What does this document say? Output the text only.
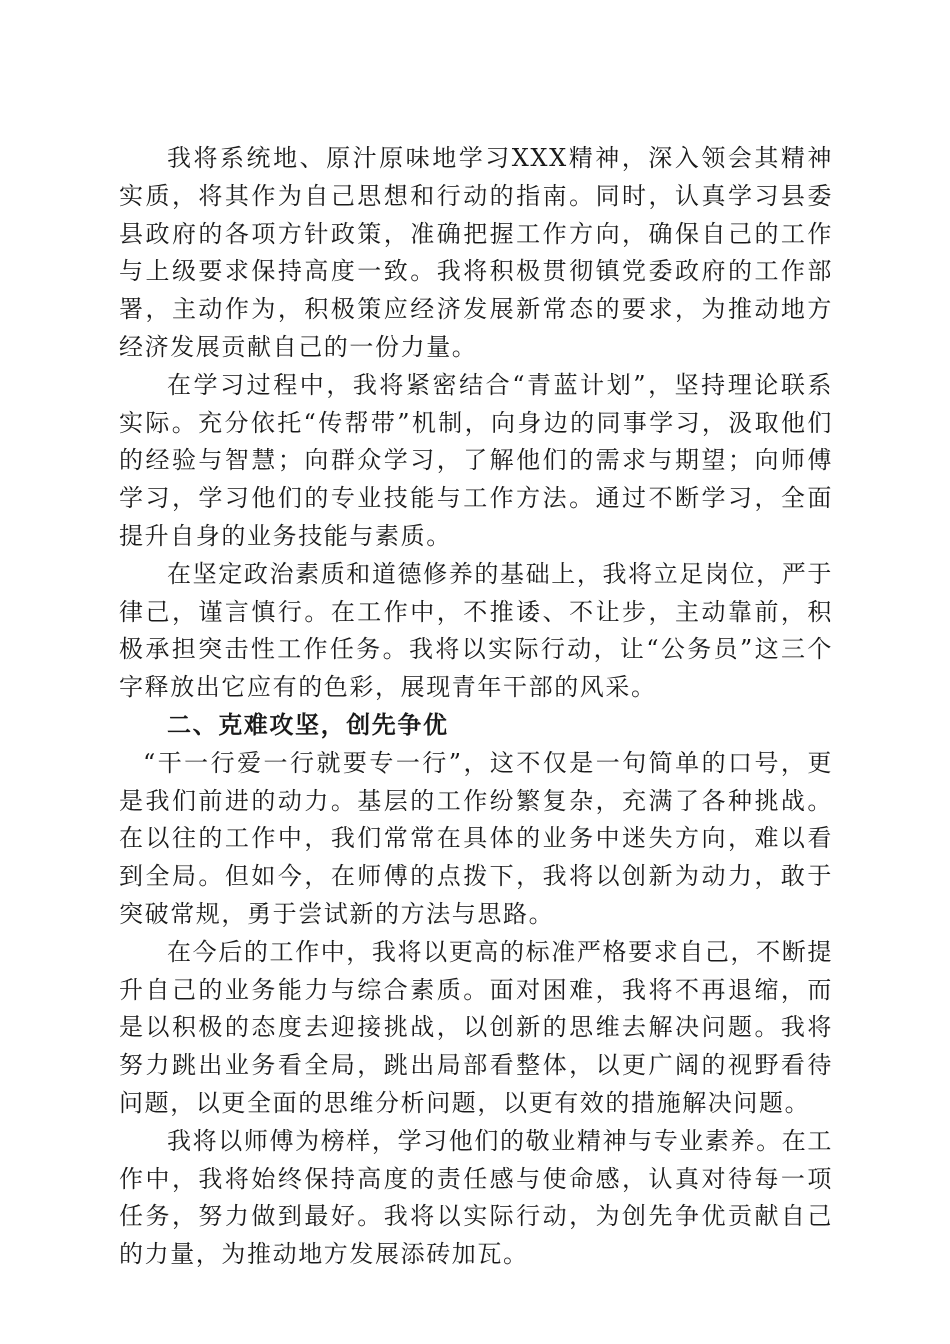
我将系统地、原汁原味地学习XXX精神，深入领会其精神实质，将其作为自己思想和行动的指南。同时，认真学习县委县政府的各项方针政策，准确把握工作方向，确保自己的工作与上级要求保持高度一致。我将积极贯彻镇党委政府的工作部署，主动作为，积极策应经济发展新常态的要求，为推动地方经济发展贡献自己的一份力量。

在学习过程中，我将紧密结合“青蓝计划”，坚持理论联系实际。充分依托“传帮带”机制，向身边的同事学习，汲取他们的经验与智慧；向群众学习，了解他们的需求与期望；向师傅学习，学习他们的专业技能与工作方法。通过不断学习，全面提升自身的业务技能与素质。

在坚定政治素质和道德修养的基础上，我将立足岗位，严于律己，谨言慎行。在工作中，不推诿、不让步，主动靠前，积极承担突击性工作任务。我将以实际行动，让“公务员”这三个字释放出它应有的色彩，展现青年干部的风采。

二、克难攻坚，创先争优

“干一行爱一行就要专一行”，这不仅是一句简单的口号，更是我们前进的动力。基层的工作纷繁复杂，充满了各种挑战。在以往的工作中，我们常常在具体的业务中迷失方向，难以看到全局。但如今，在师傅的点拨下，我将以创新为动力，敢于突破常规，勇于尝试新的方法与思路。

在今后的工作中，我将以更高的标准严格要求自己，不断提升自己的业务能力与综合素质。面对困难，我将不再退缩，而是以积极的态度去迎接挑战，以创新的思维去解决问题。我将努力跳出业务看全局，跳出局部看整体，以更广阔的视野看待问题，以更全面的思维分析问题，以更有效的措施解决问题。

我将以师傅为榜样，学习他们的敬业精神与专业素养。在工作中，我将始终保持高度的责任感与使命感，认真对待每一项任务，努力做到最好。我将以实际行动，为创先争优贡献自己的力量，为推动地方发展添砖加瓦。
